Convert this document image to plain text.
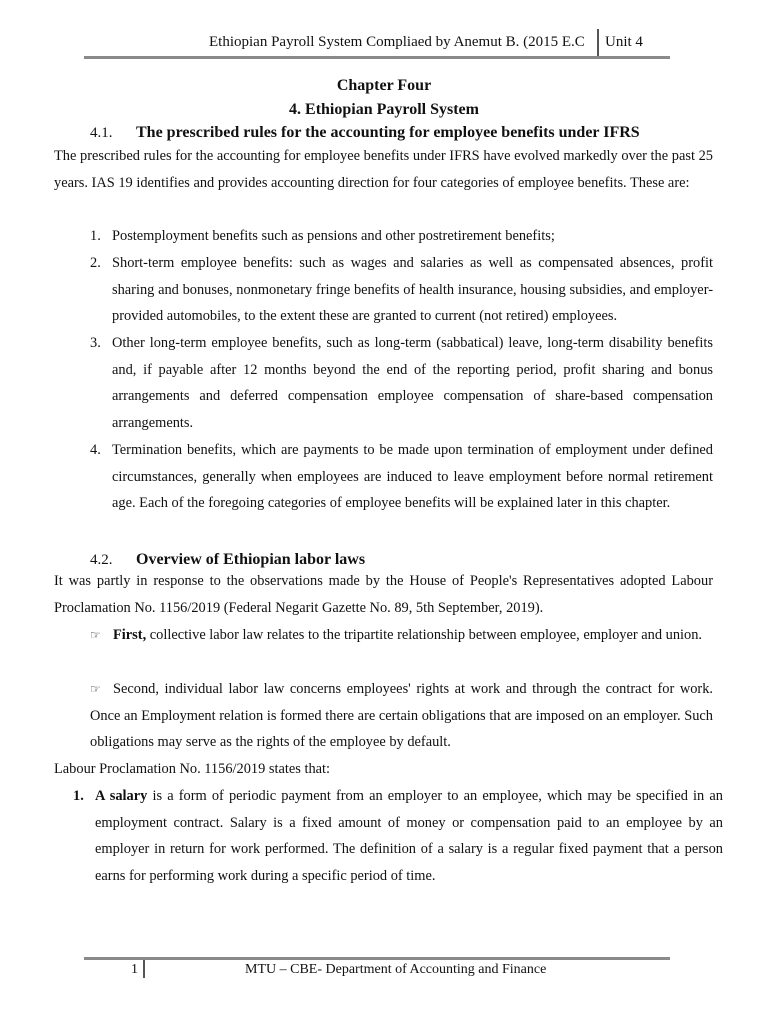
Ethiopian Payroll System Compliaed by Anemut B. (2015 E.C Unit 4
Chapter Four
4. Ethiopian Payroll System
4.1. The prescribed rules for the accounting for employee benefits under IFRS
The prescribed rules for the accounting for employee benefits under IFRS have evolved markedly over the past 25 years. IAS 19 identifies and provides accounting direction for four categories of employee benefits. These are:
1. Postemployment benefits such as pensions and other postretirement benefits;
2. Short-term employee benefits: such as wages and salaries as well as compensated absences, profit sharing and bonuses, nonmonetary fringe benefits of health insurance, housing subsidies, and employer-provided automobiles, to the extent these are granted to current (not retired) employees.
3. Other long-term employee benefits, such as long-term (sabbatical) leave, long-term disability benefits and, if payable after 12 months beyond the end of the reporting period, profit sharing and bonus arrangements and deferred compensation employee compensation of share-based compensation arrangements.
4. Termination benefits, which are payments to be made upon termination of employment under defined circumstances, generally when employees are induced to leave employment before normal retirement age. Each of the foregoing categories of employee benefits will be explained later in this chapter.
4.2. Overview of Ethiopian labor laws
It was partly in response to the observations made by the House of People's Representatives adopted Labour Proclamation No. 1156/2019 (Federal Negarit Gazette No. 89, 5th September, 2019).
☞ First, collective labor law relates to the tripartite relationship between employee, employer and union.
☞ Second, individual labor law concerns employees' rights at work and through the contract for work. Once an Employment relation is formed there are certain obligations that are imposed on an employer. Such obligations may serve as the rights of the employee by default.
Labour Proclamation No. 1156/2019 states that:
1. A salary is a form of periodic payment from an employer to an employee, which may be specified in an employment contract. Salary is a fixed amount of money or compensation paid to an employee by an employer in return for work performed. The definition of a salary is a regular fixed payment that a person earns for performing work during a specific period of time.
1	MTU – CBE- Department of Accounting and Finance
